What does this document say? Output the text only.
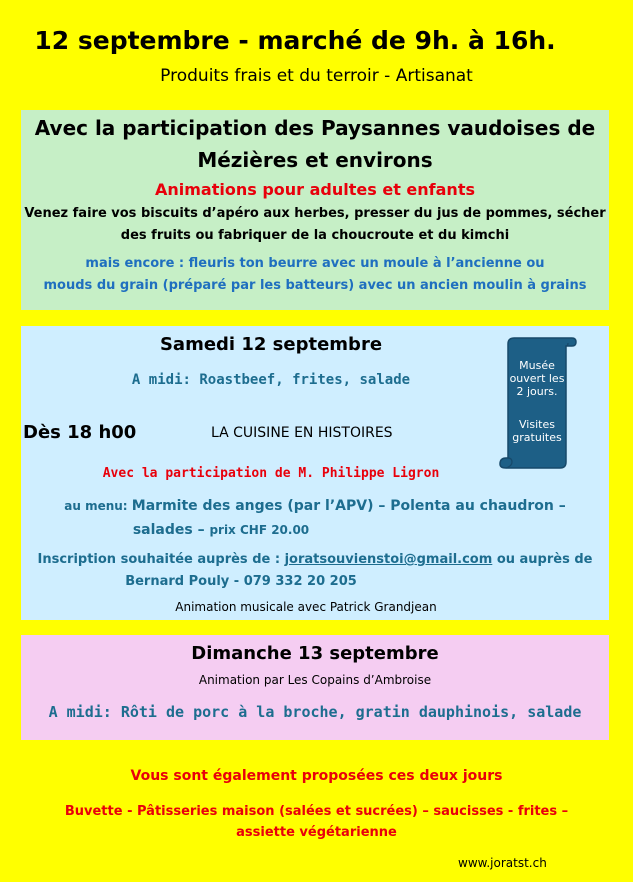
12 septembre - marché de 9h. à 16h.
Produits frais et du terroir - Artisanat
Avec la participation des Paysannes vaudoises de
Mézières et environs
Animations pour adultes et enfants
Venez faire vos biscuits d’apéro aux herbes, presser du jus de pommes, sécher
des fruits ou fabriquer de la choucroute et du kimchi
mais encore : fleuris ton beurre avec un moule à l’ancienne ou
mouds du grain (préparé par les batteurs) avec un ancien moulin à grains
Samedi 12 septembre
A midi: Roastbeef, frites, salade
Dès 18 h00	LA CUISINE EN HISTOIRES
Avec la participation de M. Philippe Ligron
au menu: Marmite des anges (par l’APV) – Polenta au chaudron –
salades – prix CHF 20.00
Inscription souhaitée auprès de : joratsouvienstoi@gmail.com ou auprès de
Bernard Pouly - 079 332 20 205
Animation musicale avec Patrick Grandjean
Musée ouvert les 2 jours.
Visites gratuites
Dimanche 13 septembre
Animation par Les Copains d’Ambroise
A midi: Rôti de porc à la broche, gratin dauphinois, salade
Vous sont également proposées ces deux jours
Buvette - Pâtisseries maison (salées et sucrées) – saucisses - frites –
assiette végétarienne
www.joratst.ch
